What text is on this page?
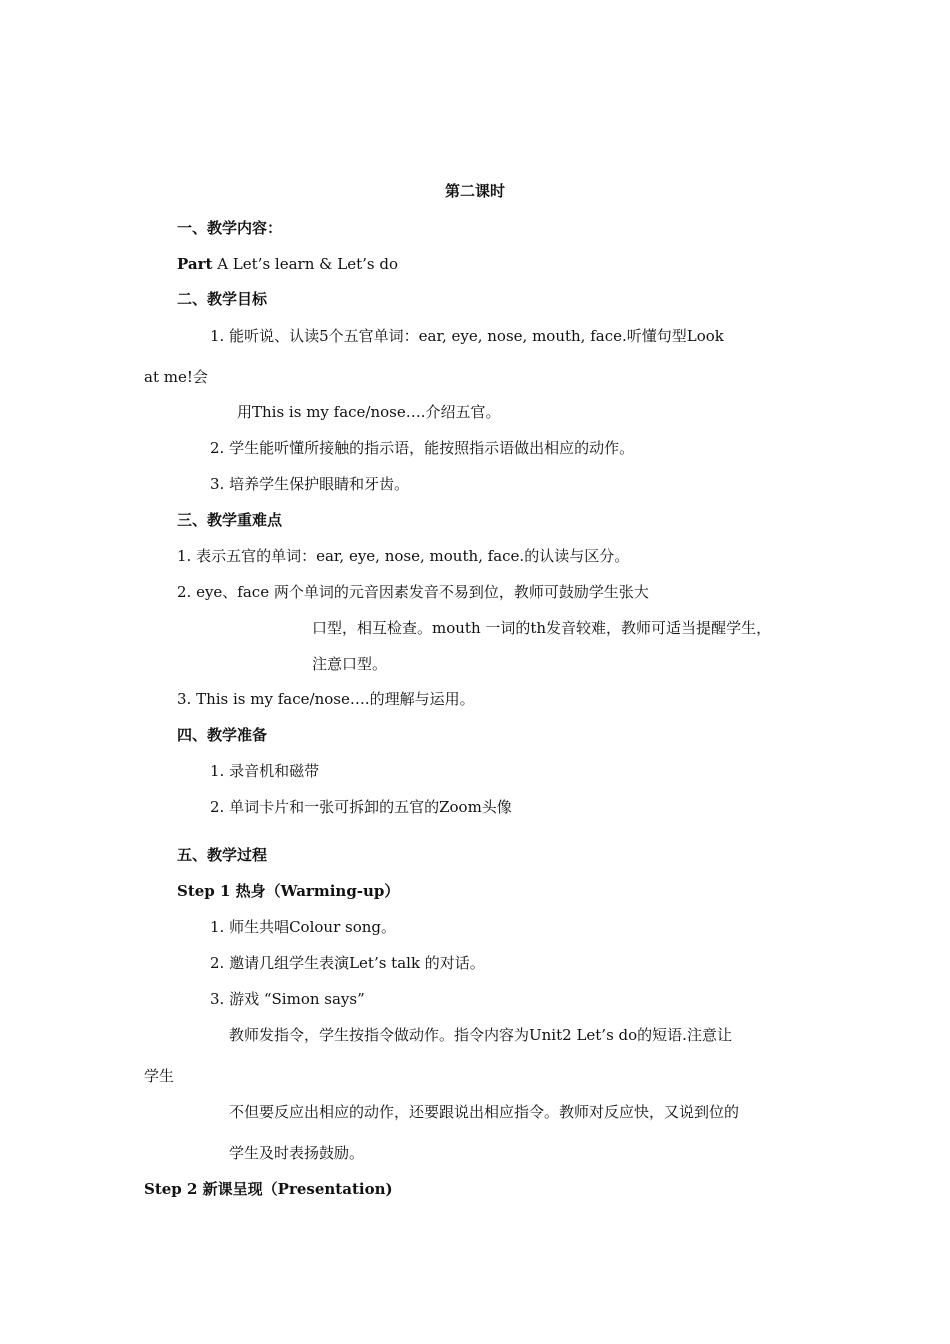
第二课时
一、教学内容：
Part A Let’s learn & Let’s do
二、教学目标
1. 能听说、认读5个五官单词：ear, eye, nose, mouth, face.听懂句型Look
at me!会
用This is my face/nose….介绍五官。
2. 学生能听懂所接触的指示语，能按照指示语做出相应的动作。
3. 培养学生保护眼睛和牙齿。
三、教学重难点
1. 表示五官的单词：ear, eye, nose, mouth, face.的认读与区分。
2. eye、face 两个单词的元音因素发音不易到位，教师可鼓励学生张大
口型，相互检查。mouth 一词的th发音较难，教师可适当提醒学生，
注意口型。
3. This is my face/nose….的理解与运用。
四、教学准备
1. 录音机和磁带
2. 单词卡片和一张可拆卸的五官的Zoom头像
五、教学过程
Step 1 热身（Warming-up）
1. 师生共唱Colour song。
2. 邀请几组学生表演Let’s talk 的对话。
3. 游戏 “Simon says”
教师发指令，学生按指令做动作。指令内容为Unit2 Let’s do的短语.注意让
学生
不但要反应出相应的动作，还要跟说出相应指令。教师对反应快，又说到位的
学生及时表扬鼓励。
Step 2 新课呈现（Presentation)
